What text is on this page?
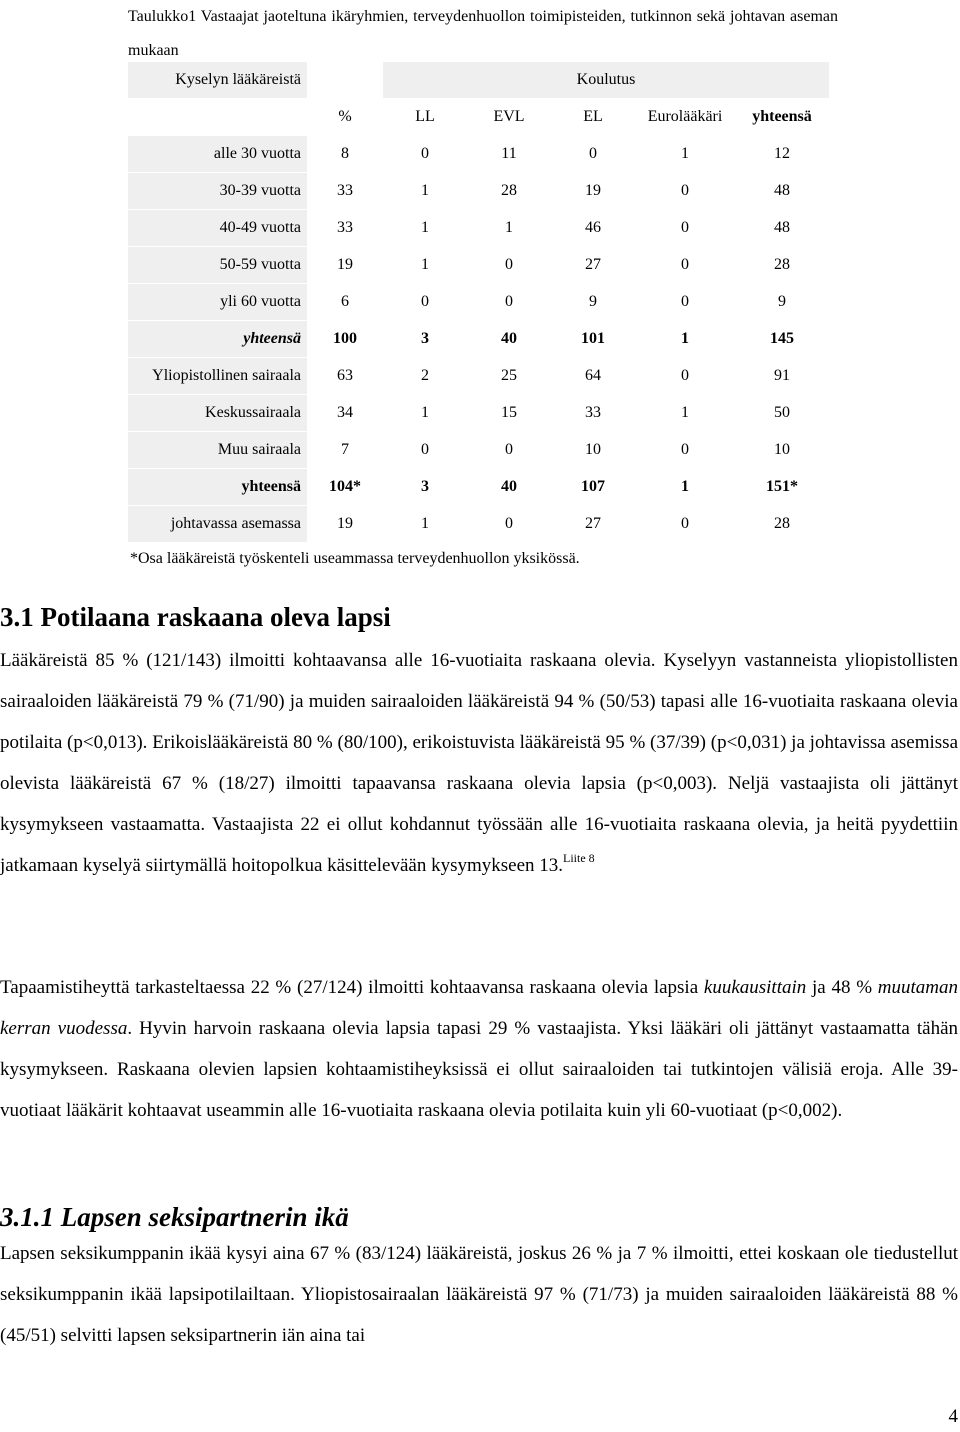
Taulukko1 Vastaajat jaoteltuna ikäryhmien, terveydenhuollon toimipisteiden, tutkinnon sekä johtavan aseman mukaan
Kyselyn lääkäreistä		Koulutus				
	%	LL	EVL	EL	Eurolääkäri	yhteensä
alle 30 vuotta	8	0	11	0	1	12
30-39 vuotta	33	1	28	19	0	48
40-49 vuotta	33	1	1	46	0	48
50-59 vuotta	19	1	0	27	0	28
yli 60 vuotta	6	0	0	9	0	9
yhteensä	100	3	40	101	1	145
Yliopistollinen sairaala	63	2	25	64	0	91
Keskussairaala	34	1	15	33	1	50
Muu sairaala	7	0	0	10	0	10
yhteensä	104*	3	40	107	1	151*
johtavassa asemassa	19	1	0	27	0	28
*Osa lääkäreistä työskenteli useammassa terveydenhuollon yksikössä.
3.1 Potilaana raskaana oleva lapsi

Lääkäreistä 85 % (121/143) ilmoitti kohtaavansa alle 16-vuotiaita raskaana olevia. Kyselyyn vastanneista yliopistollisten sairaaloiden lääkäreistä 79 % (71/90) ja muiden sairaaloiden lääkäreistä 94 % (50/53) tapasi alle 16-vuotiaita raskaana olevia potilaita (p<0,013). Erikoislääkäreistä 80 % (80/100), erikoistuvista lääkäreistä 95 % (37/39) (p<0,031) ja johtavissa asemissa olevista lääkäreistä 67 % (18/27) ilmoitti tapaavansa raskaana olevia lapsia (p<0,003). Neljä vastaajista oli jättänyt kysymykseen vastaamatta. Vastaajista 22 ei ollut kohdannut työssään alle 16-vuotiaita raskaana olevia, ja heitä pyydettiin jatkamaan kyselyä siirtymällä hoitopolkua käsittelevään kysymykseen 13.$^{Liite 8}$

Tapaamistiheyttä tarkasteltaessa 22 % (27/124) ilmoitti kohtaavansa raskaana olevia lapsia kuukausittain ja 48 % muutaman kerran vuodessa. Hyvin harvoin raskaana olevia lapsia tapasi 29 % vastaajista. Yksi lääkäri oli jättänyt vastaamatta tähän kysymykseen. Raskaana olevien lapsien kohtaamistiheyksissä ei ollut sairaaloiden tai tutkintojen välisiä eroja. Alle 39-vuotiaat lääkärit kohtaavat useammin alle 16-vuotiaita raskaana olevia potilaita kuin yli 60-vuotiaat (p<0,002).

3.1.1 Lapsen seksipartnerin ikä

Lapsen seksikumppanin ikää kysyi aina 67 % (83/124) lääkäreistä, joskus 26 % ja 7 % ilmoitti, ettei koskaan ole tiedustellut seksikumppanin ikää lapsipotilailtaan. Yliopistosairaalan lääkäreistä 97 % (71/73) ja muiden sairaaloiden lääkäreistä 88 % (45/51) selvitti lapsen seksipartnerin iän aina tai

4
